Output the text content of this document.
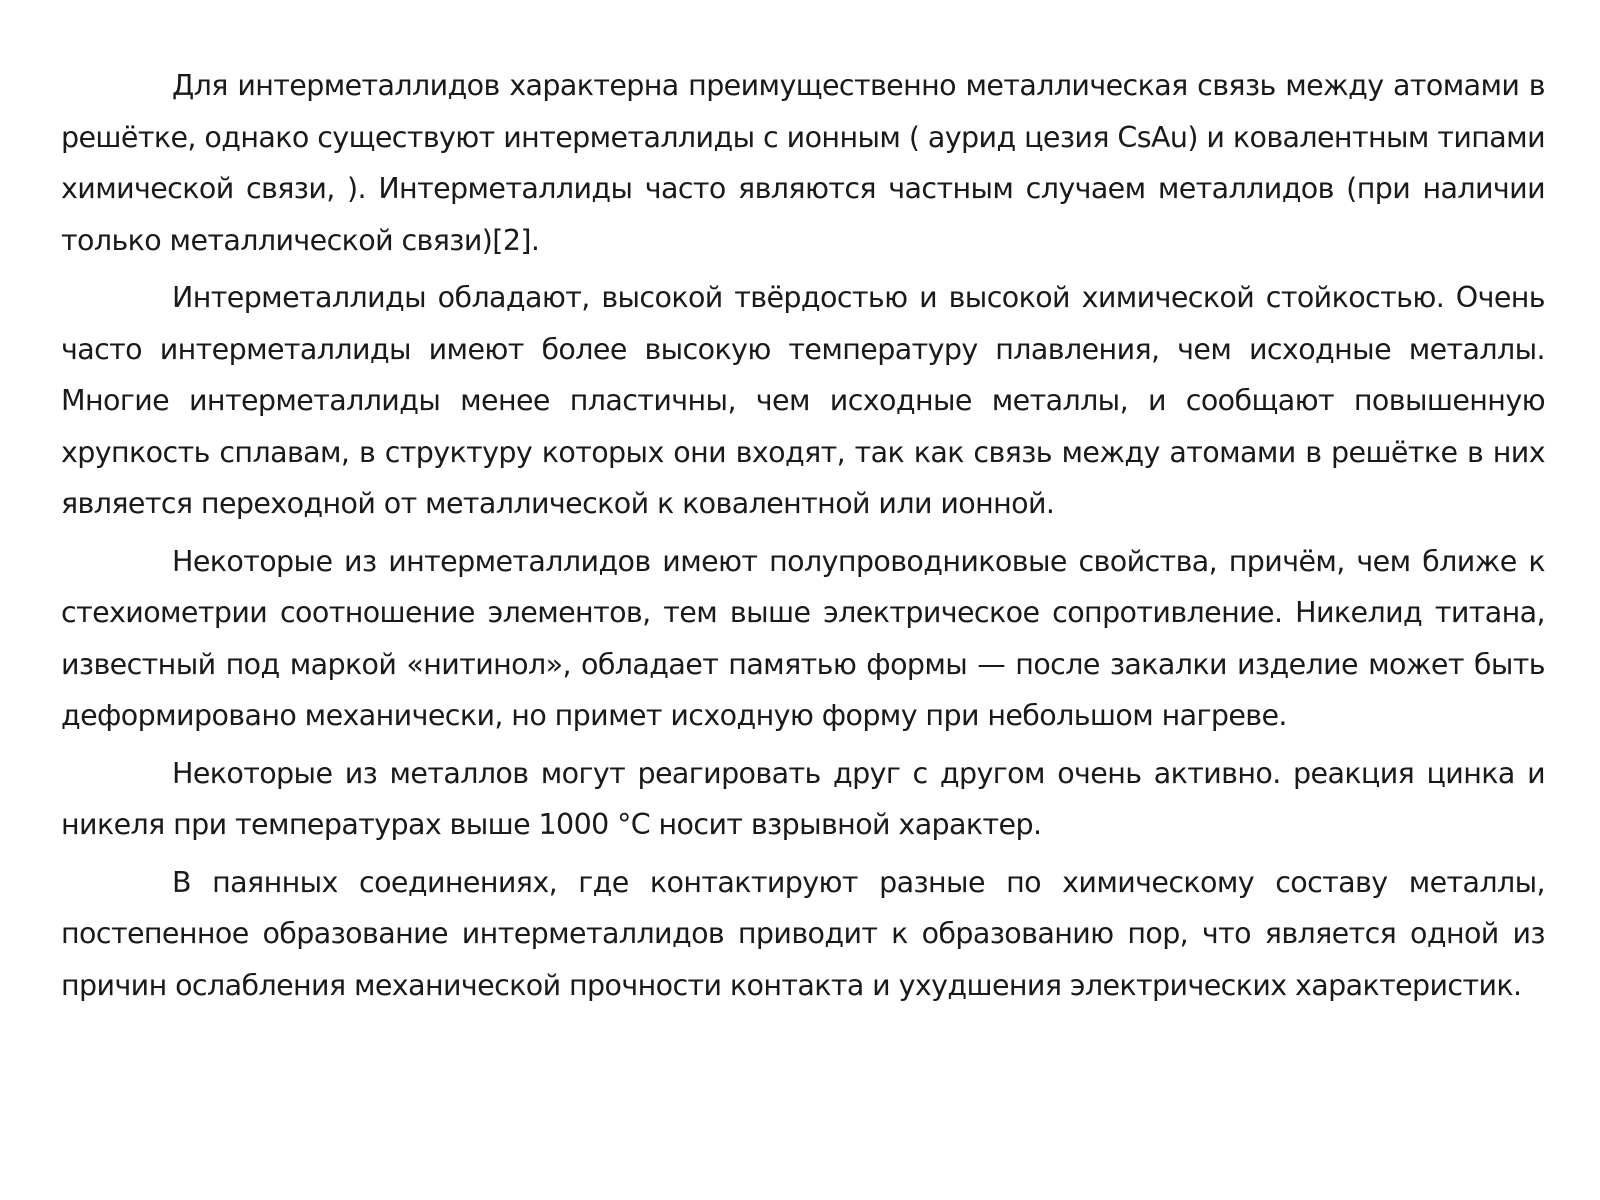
Для интерметаллидов характерна преимущественно металлическая связь между атомами в решётке, однако существуют интерметаллиды с ионным ( аурид цезия CsAu) и ковалентным типами химической связи, ). Интерметаллиды часто являются частным случаем металлидов (при наличии только металлической связи)[2].

Интерметаллиды обладают, высокой твёрдостью и высокой химической стойкостью. Очень часто интерметаллиды имеют более высокую температуру плавления, чем исходные металлы. Многие интерметаллиды менее пластичны, чем исходные металлы, и сообщают повышенную хрупкость сплавам, в структуру которых они входят, так как связь между атомами в решётке в них является переходной от металлической к ковалентной или ионной.

Некоторые из интерметаллидов имеют полупроводниковые свойства, причём, чем ближе к стехиометрии соотношение элементов, тем выше электрическое сопротивление. Никелид титана, известный под маркой «нитинол», обладает памятью формы — после закалки изделие может быть деформировано механически, но примет исходную форму при небольшом нагреве.

Некоторые из металлов могут реагировать друг с другом очень активно. реакция цинка и никеля при температурах выше 1000 °C носит взрывной характер.

В паянных соединениях, где контактируют разные по химическому составу металлы, постепенное образование интерметаллидов приводит к образованию пор, что является одной из причин ослабления механической прочности контакта и ухудшения электрических характеристик.
